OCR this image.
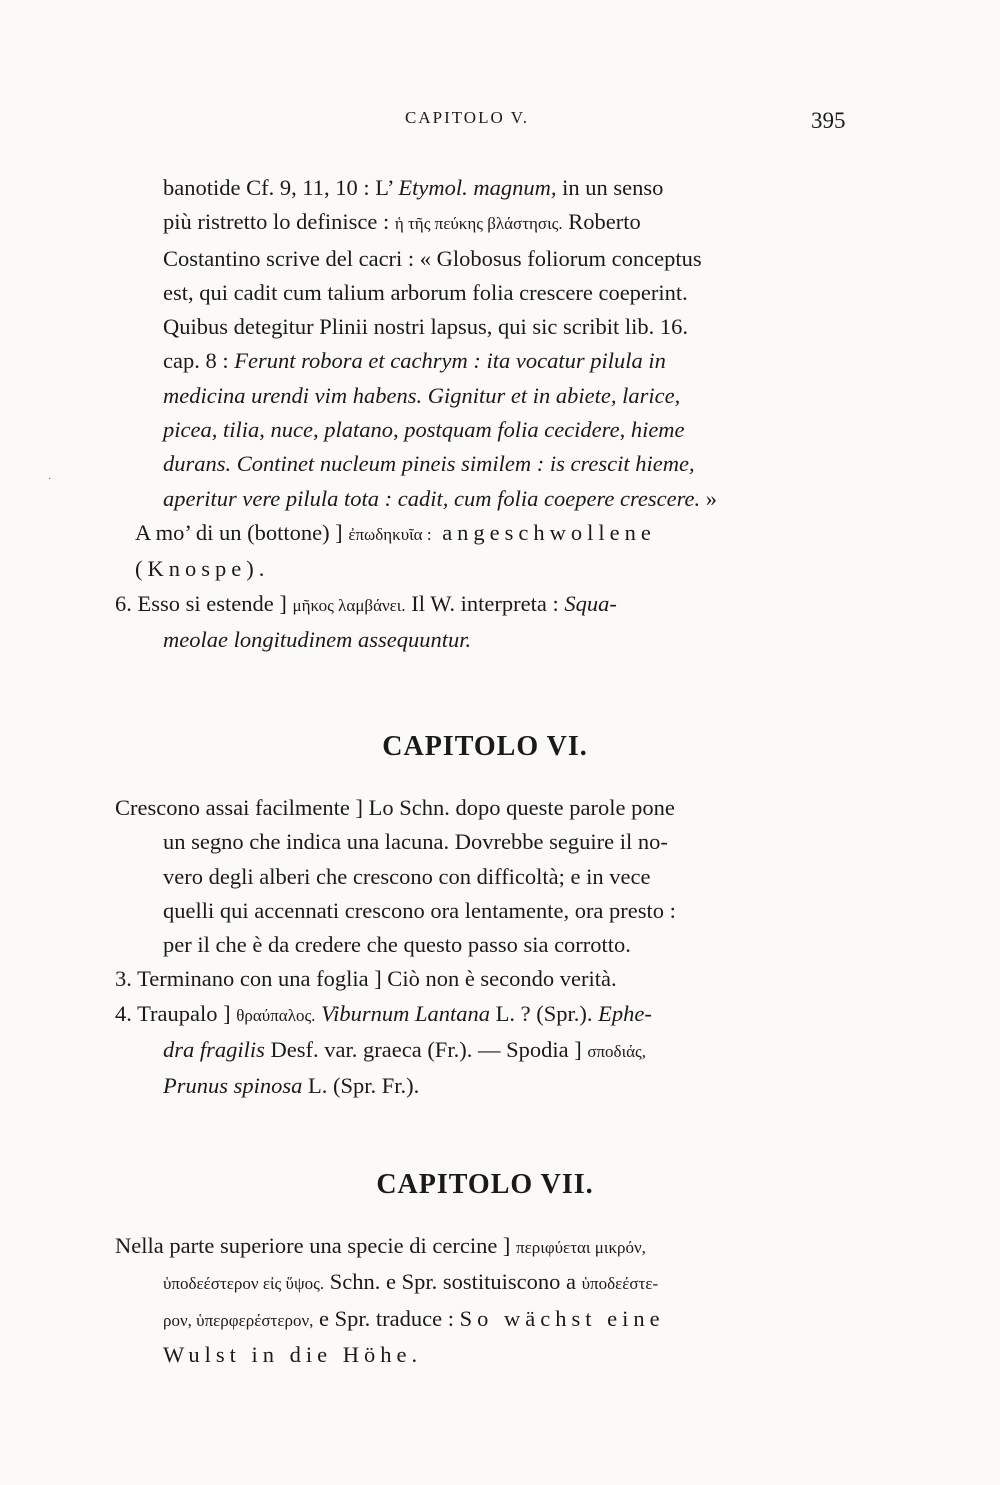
CAPITOLO V.	395
·
banotide Cf. 9, 11, 10 : L’ Etymol. magnum, in un senso
più ristretto lo definisce : ἡ τῆς πεύκης βλάστησις. Roberto
Costantino scrive del cacri : « Globosus foliorum conceptus
est, qui cadit cum talium arborum folia crescere coeperint.
Quibus detegitur Plinii nostri lapsus, qui sic scribit lib. 16.
cap. 8 : Ferunt robora et cachrym : ita vocatur pilula in
medicina urendi vim habens. Gignitur et in abiete, larice,
picea, tilia, nuce, platano, postquam folia cecidere, hieme
durans. Continet nucleum pineis similem : is crescit hieme,
aperitur vere pilula tota : cadit, cum folia coepere crescere. »
A mo’ di un (bottone) ] ἐπωδηκυῖα : angeschwollene
(Knospe).
6. Esso si estende ] μῆκος λαμβάνει. Il W. interpreta : Squa-
meolae longitudinem assequuntur.
CAPITOLO VI.
Crescono assai facilmente ] Lo Schn. dopo queste parole pone
un segno che indica una lacuna. Dovrebbe seguire il no-
vero degli alberi che crescono con difficoltà; e in vece
quelli qui accennati crescono ora lentamente, ora presto :
per il che è da credere che questo passo sia corrotto.
3. Terminano con una foglia ] Ciò non è secondo verità.
4. Traupalo ] θραύπαλος. Viburnum Lantana L. ? (Spr.). Ephe-
dra fragilis Desf. var. graeca (Fr.). — Spodia ] σποδιάς,
Prunus spinosa L. (Spr. Fr.).
CAPITOLO VII.
Nella parte superiore una specie di cercine ] περιφύεται μικρόν,
ὑποδεέστερον εἰς ὕψος. Schn. e Spr. sostituiscono a ὑποδεέστε-
ρον, ὑπερφερέστερον, e Spr. traduce : So wächst eine
Wulst in die Höhe.
